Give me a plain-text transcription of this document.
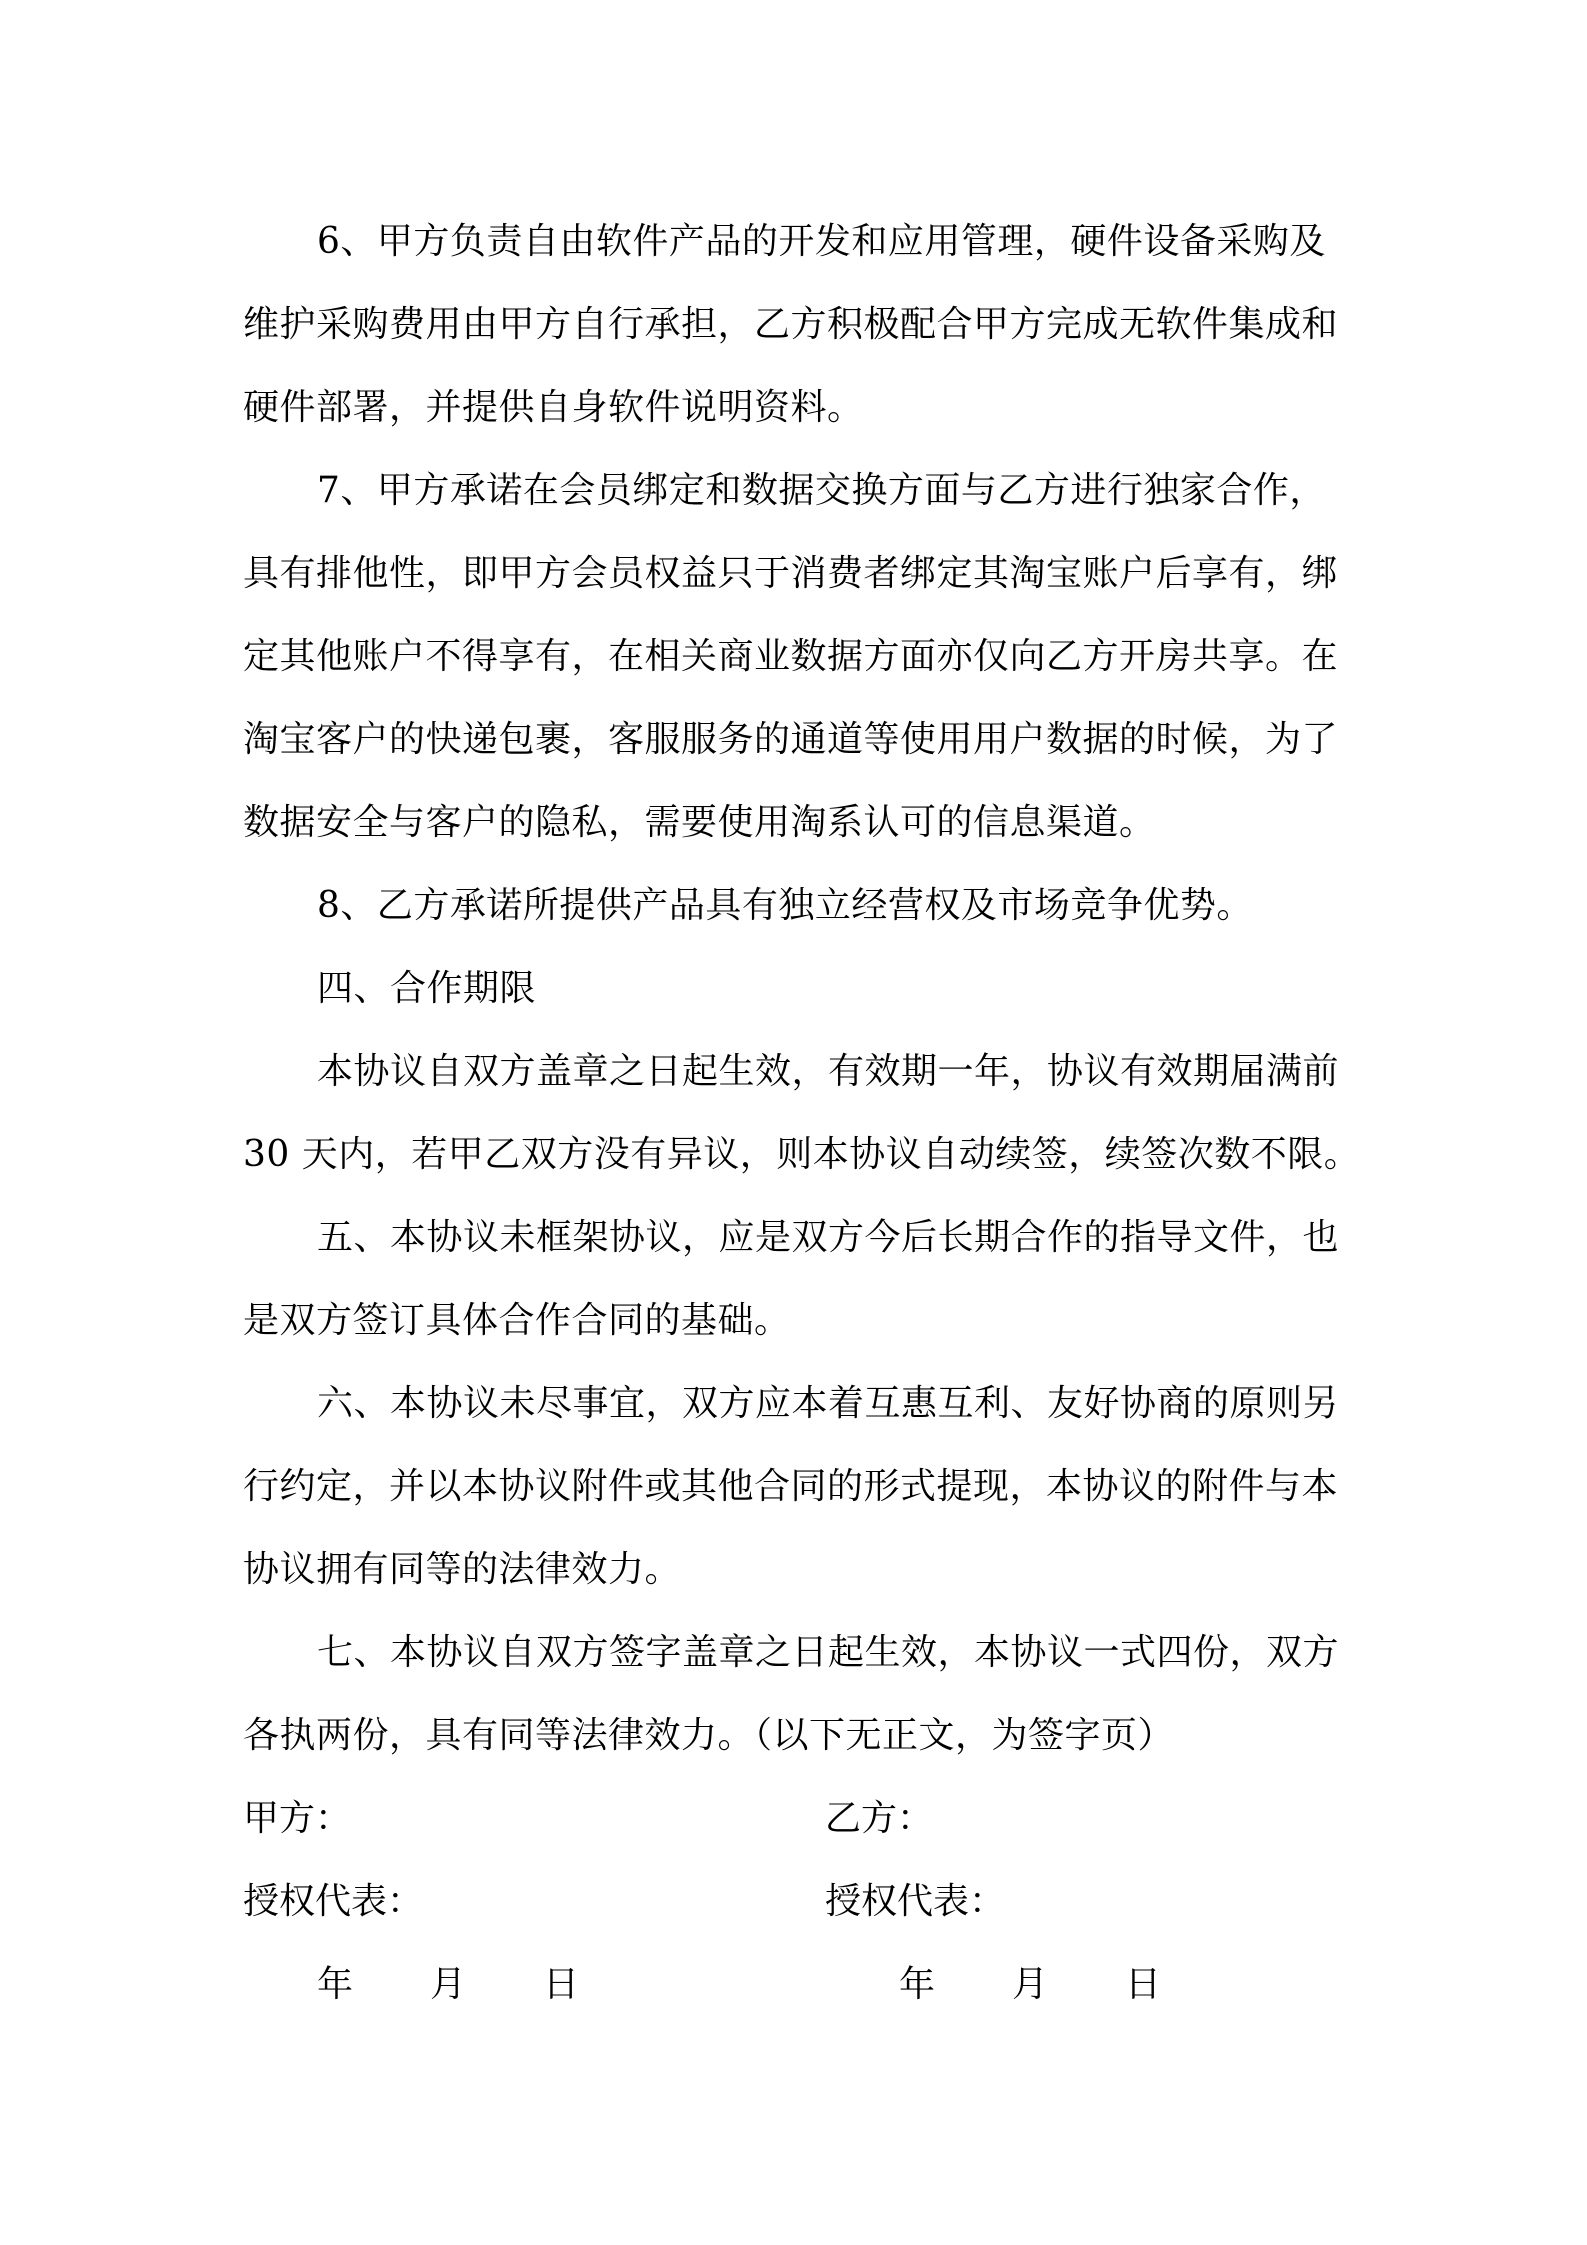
6、甲方负责自由软件产品的开发和应用管理，硬件设备采购及
维护采购费用由甲方自行承担，乙方积极配合甲方完成无软件集成和
硬件部署，并提供自身软件说明资料。
7、甲方承诺在会员绑定和数据交换方面与乙方进行独家合作，
具有排他性，即甲方会员权益只于消费者绑定其淘宝账户后享有，绑
定其他账户不得享有，在相关商业数据方面亦仅向乙方开房共享。在
淘宝客户的快递包裹，客服服务的通道等使用用户数据的时候，为了
数据安全与客户的隐私，需要使用淘系认可的信息渠道。
8、乙方承诺所提供产品具有独立经营权及市场竞争优势。
四、合作期限
本协议自双方盖章之日起生效，有效期一年，协议有效期届满前
30 天内，若甲乙双方没有异议，则本协议自动续签，续签次数不限。
五、本协议未框架协议，应是双方今后长期合作的指导文件，也
是双方签订具体合作合同的基础。
六、本协议未尽事宜，双方应本着互惠互利、友好协商的原则另
行约定，并以本协议附件或其他合同的形式提现，本协议的附件与本
协议拥有同等的法律效力。
七、本协议自双方签字盖章之日起生效，本协议一式四份，双方
各执两份，具有同等法律效力。（以下无正文，为签字页）
甲方：	乙方：
授权代表：	授权代表：
年 月 日	年 月 日
